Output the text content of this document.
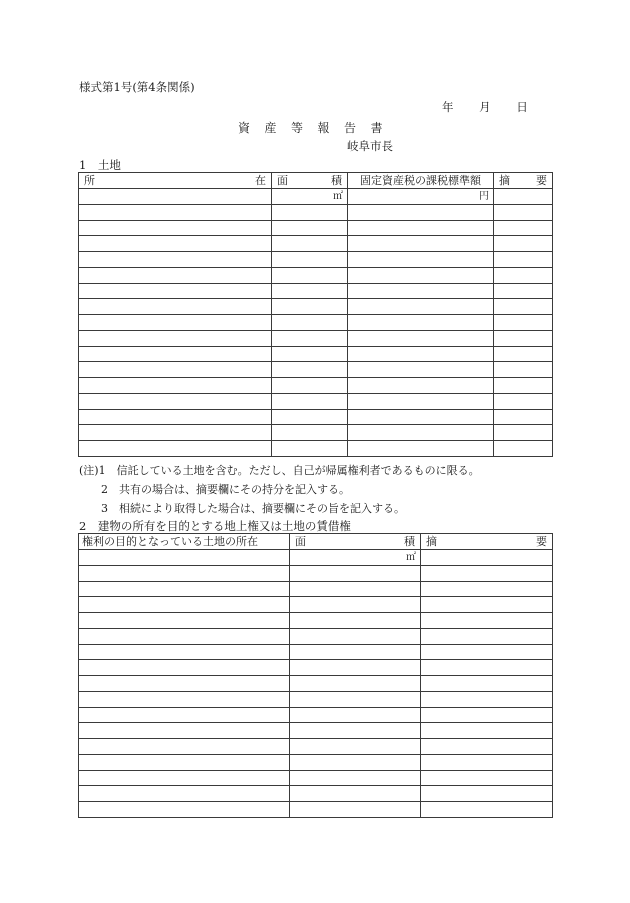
様式第1号(第4条関係)
年 月 日
資産等報告書
岐阜市長
1　土地
所 在	面 積	固定資産税の課税標準額	摘 要

	㎡	円	

(注)1　信託している土地を含む。ただし、自己が帰属権利者であるものに限る。
2　共有の場合は、摘要欄にその持分を記入する。
3　相続により取得した場合は、摘要欄にその旨を記入する。
2　建物の所有を目的とする地上権又は土地の賃借権
権利の目的となっている土地の所在	面 積	摘 要

	㎡	
